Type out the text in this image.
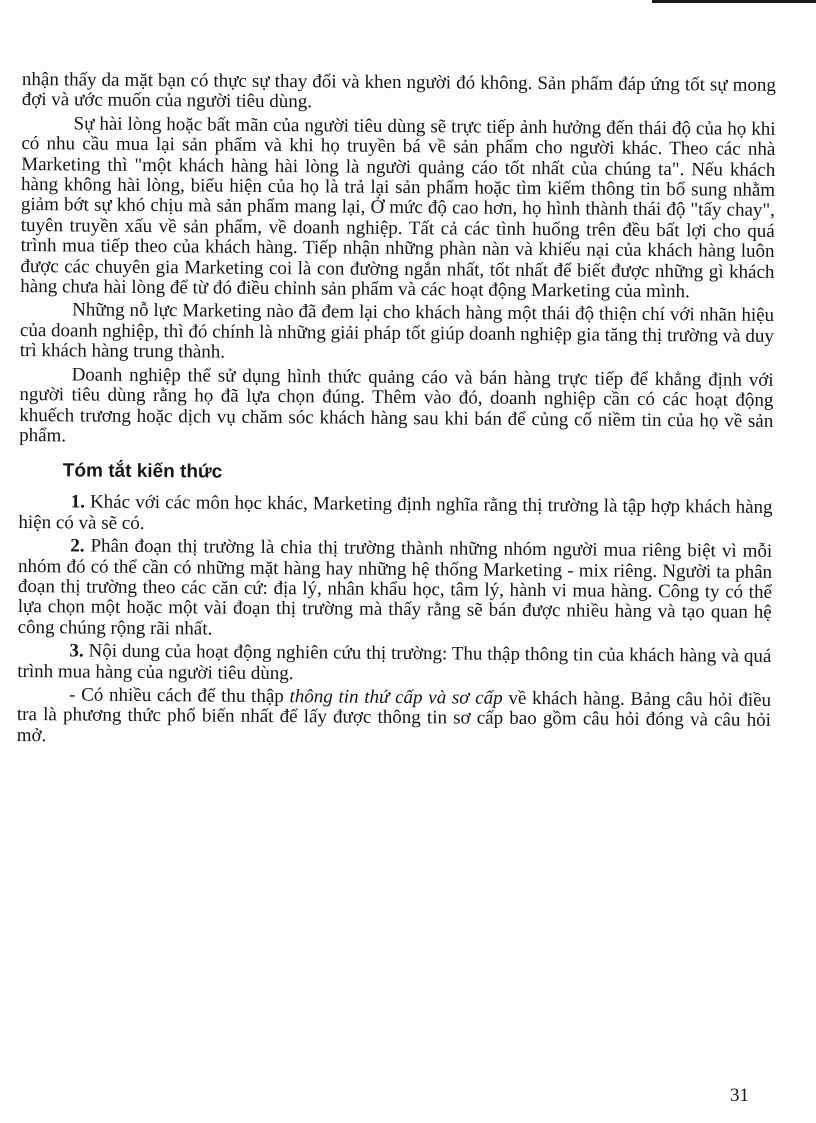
nhận thấy da mặt bạn có thực sự thay đổi và khen người đó không. Sản phẩm đáp ứng tốt sự mong đợi và ước muốn của người tiêu dùng.

Sự hài lòng hoặc bất mãn của người tiêu dùng sẽ trực tiếp ảnh hưởng đến thái độ của họ khi có nhu cầu mua lại sản phẩm và khi họ truyền bá về sản phẩm cho người khác. Theo các nhà Marketing thì "một khách hàng hài lòng là người quảng cáo tốt nhất của chúng ta". Nếu khách hàng không hài lòng, biểu hiện của họ là trả lại sản phẩm hoặc tìm kiếm thông tin bổ sung nhằm giảm bớt sự khó chịu mà sản phẩm mang lại, Ở mức độ cao hơn, họ hình thành thái độ "tẩy chay", tuyên truyền xấu về sản phẩm, về doanh nghiệp. Tất cả các tình huống trên đều bất lợi cho quá trình mua tiếp theo của khách hàng. Tiếp nhận những phàn nàn và khiếu nại của khách hàng luôn được các chuyên gia Marketing coi là con đường ngắn nhất, tốt nhất để biết được những gì khách hàng chưa hài lòng để từ đó điều chỉnh sản phẩm và các hoạt động Marketing của mình.

Những nỗ lực Marketing nào đã đem lại cho khách hàng một thái độ thiện chí với nhãn hiệu của doanh nghiệp, thì đó chính là những giải pháp tốt giúp doanh nghiệp gia tăng thị trường và duy trì khách hàng trung thành.

Doanh nghiệp thể sử dụng hình thức quảng cáo và bán hàng trực tiếp để khẳng định với người tiêu dùng rằng họ đã lựa chọn đúng. Thêm vào đó, doanh nghiệp cần có các hoạt động khuếch trương hoặc dịch vụ chăm sóc khách hàng sau khi bán để củng cố niềm tin của họ về sản phẩm.

Tóm tắt kiến thức

1. Khác với các môn học khác, Marketing định nghĩa rằng thị trường là tập hợp khách hàng hiện có và sẽ có.

2. Phân đoạn thị trường là chia thị trường thành những nhóm người mua riêng biệt vì mỗi nhóm đó có thể cần có những mặt hàng hay những hệ thống Marketing - mix riêng. Người ta phân đoạn thị trường theo các căn cứ: địa lý, nhân khẩu học, tâm lý, hành vi mua hàng. Công ty có thể lựa chọn một hoặc một vài đoạn thị trường mà thấy rằng sẽ bán được nhiều hàng và tạo quan hệ công chúng rộng rãi nhất.

3. Nội dung của hoạt động nghiên cứu thị trường: Thu thập thông tin của khách hàng và quá trình mua hàng của người tiêu dùng.

- Có nhiều cách để thu thập thông tin thứ cấp và sơ cấp về khách hàng. Bảng câu hỏi điều tra là phương thức phổ biến nhất để lấy được thông tin sơ cấp bao gồm câu hỏi đóng và câu hỏi mở.

31
